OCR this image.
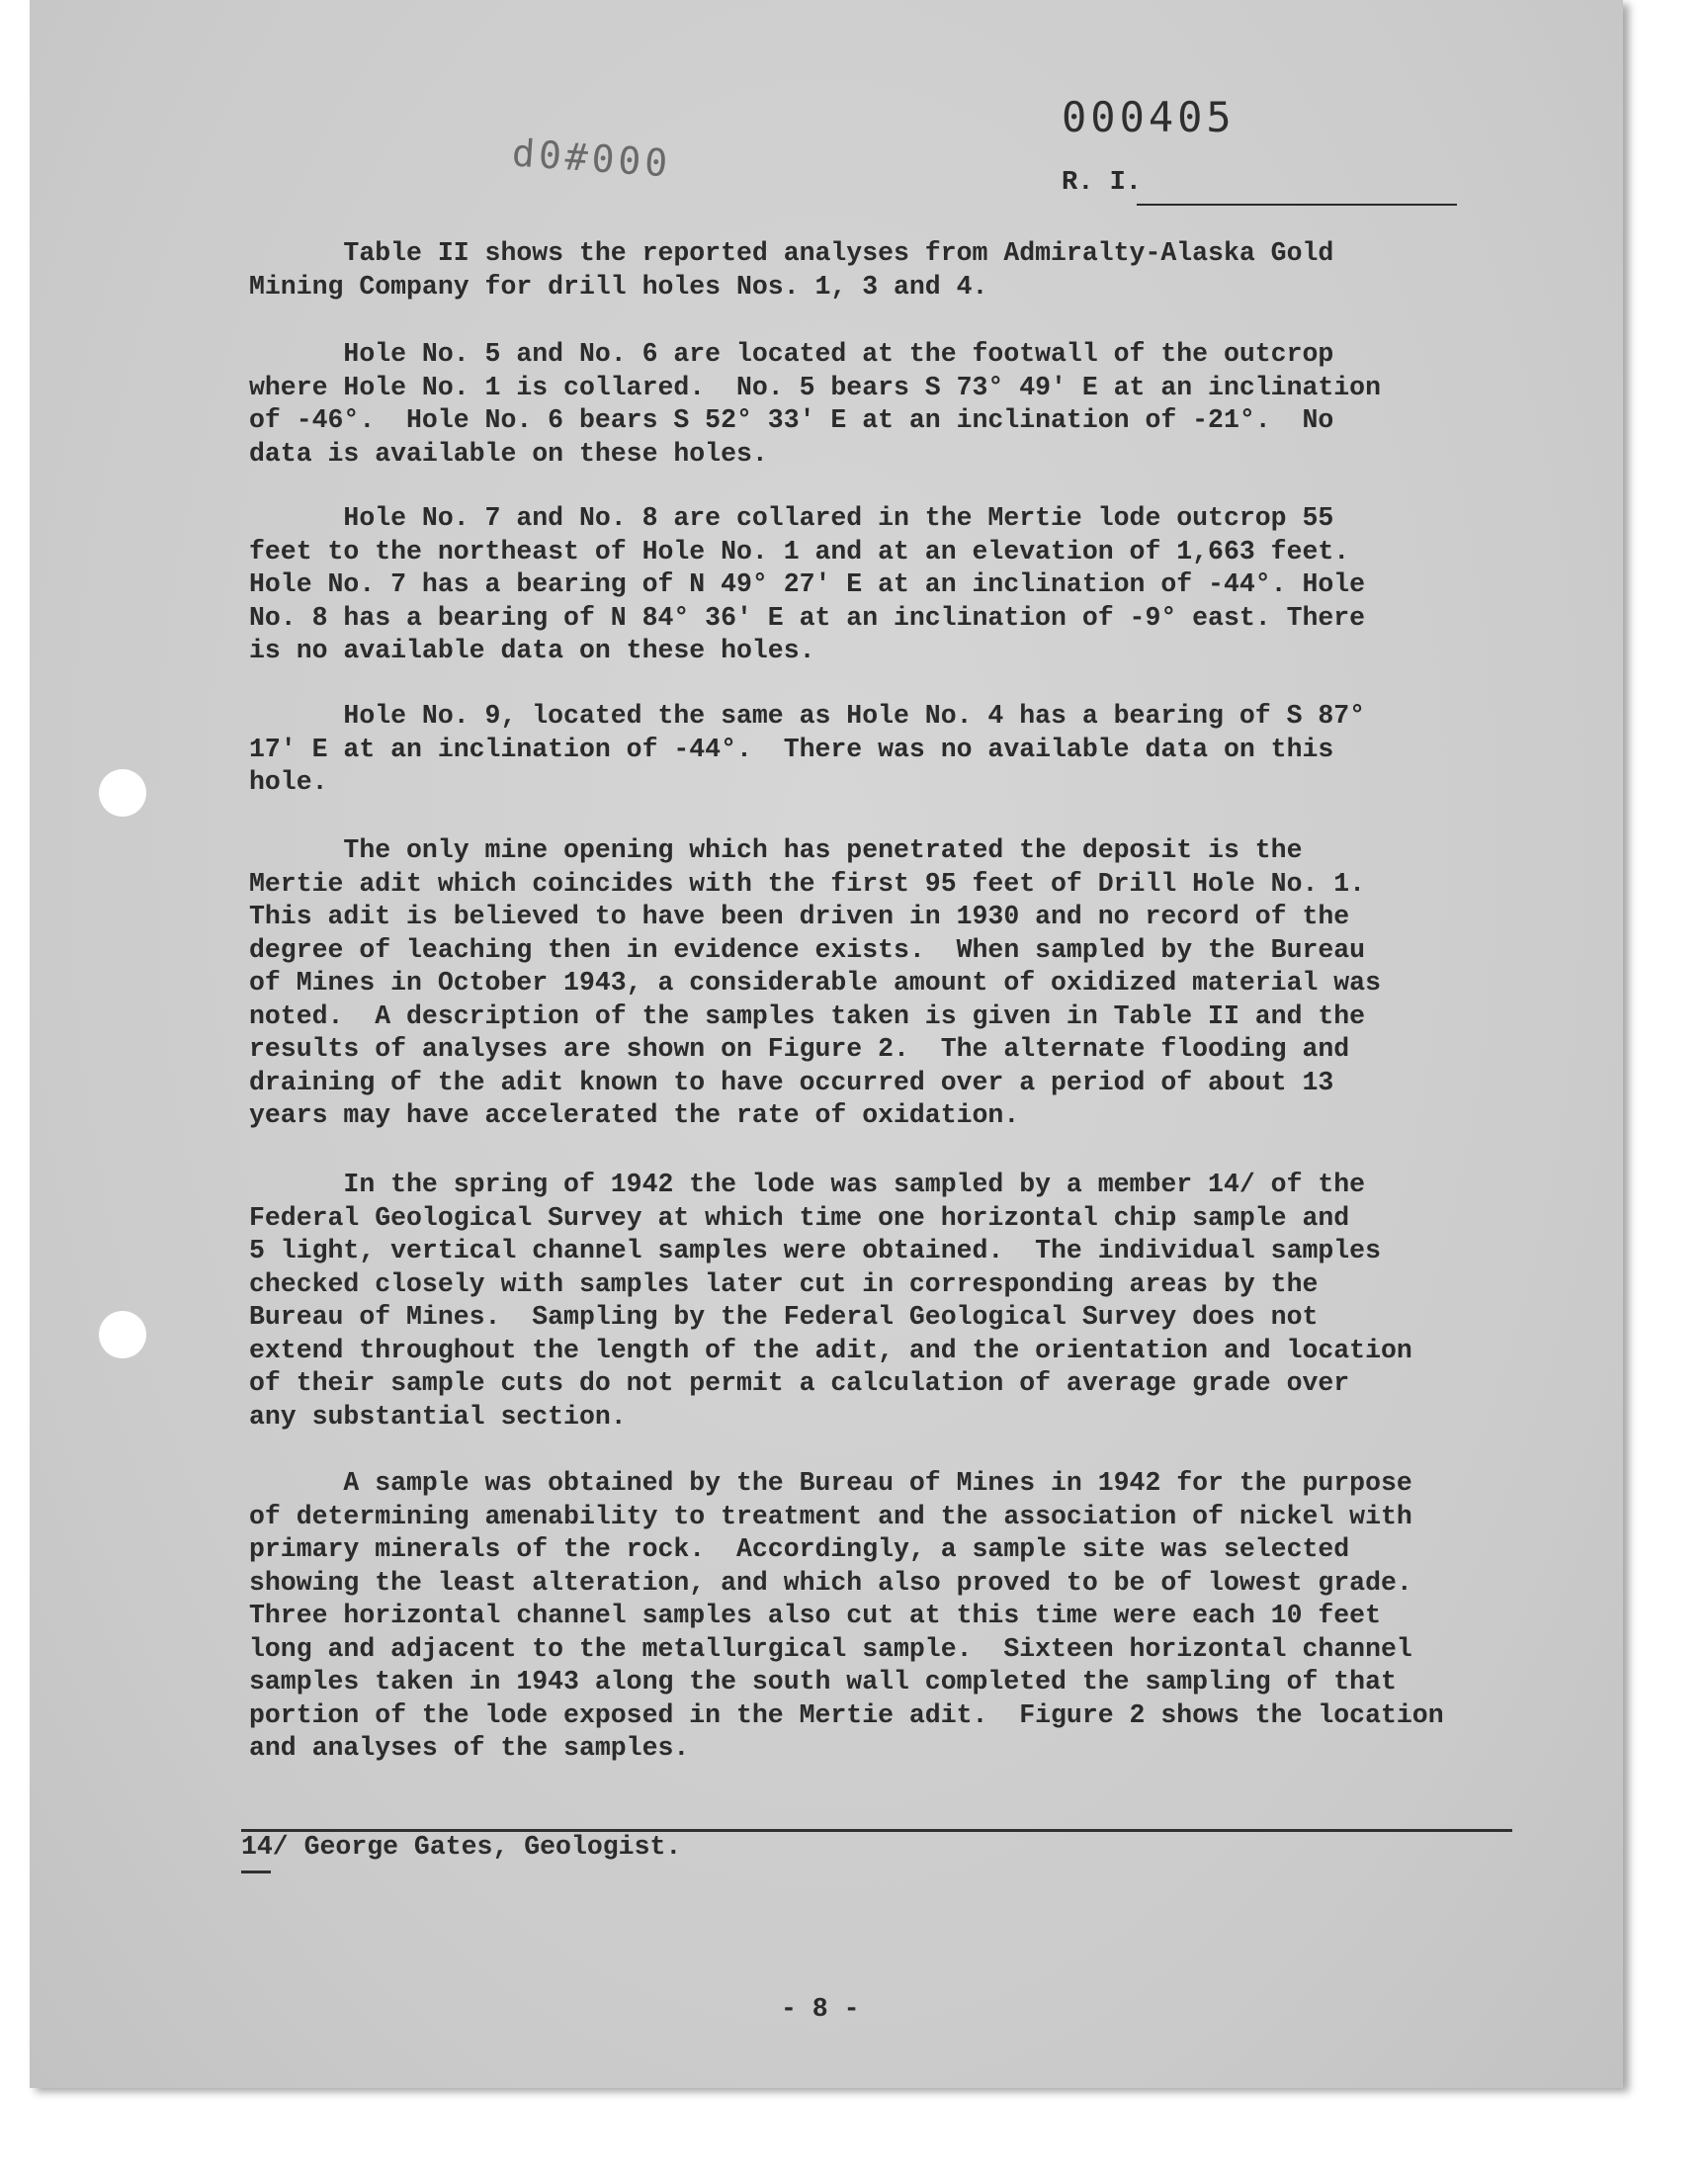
000405
d0#000	R. I.
Table II shows the reported analyses from Admiralty-Alaska Gold
Mining Company for drill holes Nos. 1, 3 and 4.
Hole No. 5 and No. 6 are located at the footwall of the outcrop
where Hole No. 1 is collared.  No. 5 bears S 73° 49' E at an inclination
of -46°.  Hole No. 6 bears S 52° 33' E at an inclination of -21°.  No
data is available on these holes.
Hole No. 7 and No. 8 are collared in the Mertie lode outcrop 55
feet to the northeast of Hole No. 1 and at an elevation of 1,663 feet.
Hole No. 7 has a bearing of N 49° 27' E at an inclination of -44°. Hole
No. 8 has a bearing of N 84° 36' E at an inclination of -9° east. There
is no available data on these holes.
Hole No. 9, located the same as Hole No. 4 has a bearing of S 87°
17' E at an inclination of -44°.  There was no available data on this
hole.
The only mine opening which has penetrated the deposit is the
Mertie adit which coincides with the first 95 feet of Drill Hole No. 1.
This adit is believed to have been driven in 1930 and no record of the
degree of leaching then in evidence exists.  When sampled by the Bureau
of Mines in October 1943, a considerable amount of oxidized material was
noted.  A description of the samples taken is given in Table II and the
results of analyses are shown on Figure 2.  The alternate flooding and
draining of the adit known to have occurred over a period of about 13
years may have accelerated the rate of oxidation.
In the spring of 1942 the lode was sampled by a member 14/ of the
Federal Geological Survey at which time one horizontal chip sample and
5 light, vertical channel samples were obtained.  The individual samples
checked closely with samples later cut in corresponding areas by the
Bureau of Mines.  Sampling by the Federal Geological Survey does not
extend throughout the length of the adit, and the orientation and location
of their sample cuts do not permit a calculation of average grade over
any substantial section.
A sample was obtained by the Bureau of Mines in 1942 for the purpose
of determining amenability to treatment and the association of nickel with
primary minerals of the rock.  Accordingly, a sample site was selected
showing the least alteration, and which also proved to be of lowest grade.
Three horizontal channel samples also cut at this time were each 10 feet
long and adjacent to the metallurgical sample.  Sixteen horizontal channel
samples taken in 1943 along the south wall completed the sampling of that
portion of the lode exposed in the Mertie adit.  Figure 2 shows the location
and analyses of the samples.
14/ George Gates, Geologist.
- 8 -
